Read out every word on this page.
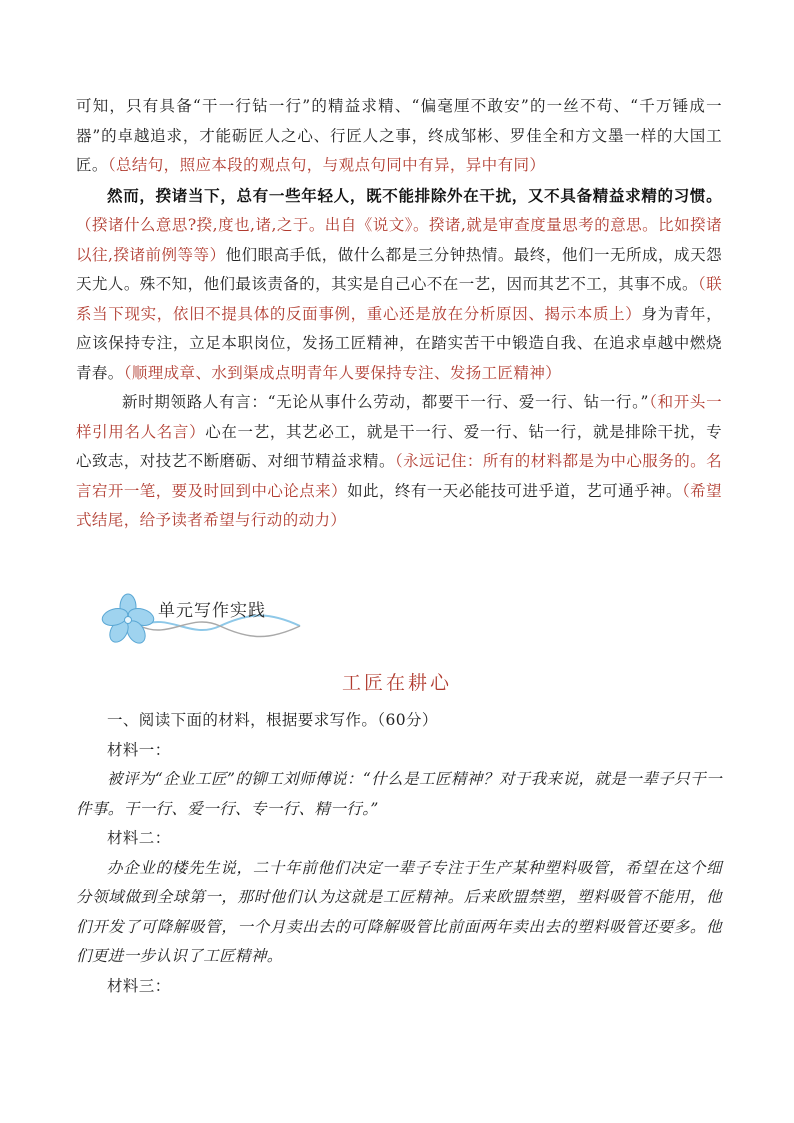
可知，只有具备“干一行钻一行”的精益求精、“偏毫厘不敢安”的一丝不苟、“千万锤成一器”的卓越追求，才能砺匠人之心、行匠人之事，终成邹彬、罗佳全和方文墨一样的大国工匠。（总结句，照应本段的观点句，与观点句同中有异，异中有同）

然而，揆诸当下，总有一些年轻人，既不能排除外在干扰，又不具备精益求精的习惯。（揆诸什么意思?揆,度也,诸,之于。出自《说文》。揆诸,就是审查度量思考的意思。比如揆诸以往,揆诸前例等等）他们眼高手低，做什么都是三分钟热情。最终，他们一无所成，成天怨天尤人。殊不知，他们最该责备的，其实是自己心不在一艺，因而其艺不工，其事不成。（联系当下现实，依旧不提具体的反面事例，重心还是放在分析原因、揭示本质上）身为青年，应该保持专注，立足本职岗位，发扬工匠精神，在踏实苦干中锻造自我、在追求卓越中燃烧青春。（顺理成章、水到渠成点明青年人要保持专注、发扬工匠精神）

新时期领路人有言：“无论从事什么劳动，都要干一行、爱一行、钻一行。”（和开头一样引用名人名言）心在一艺，其艺必工，就是干一行、爱一行、钻一行，就是排除干扰，专心致志，对技艺不断磨砺、对细节精益求精。（永远记住：所有的材料都是为中心服务的。名言宕开一笔，要及时回到中心论点来）如此，终有一天必能技可进乎道，艺可通乎神。（希望式结尾，给予读者希望与行动的动力）

单元写作实践
工匠在耕心

一、阅读下面的材料，根据要求写作。（60分）

材料一：

被评为“企业工匠”的铆工刘师傅说：“什么是工匠精神？对于我来说，就是一辈子只干一件事。干一行、爱一行、专一行、精一行。”

材料二：

办企业的楼先生说，二十年前他们决定一辈子专注于生产某种塑料吸管，希望在这个细分领域做到全球第一，那时他们认为这就是工匠精神。后来欧盟禁塑，塑料吸管不能用，他们开发了可降解吸管，一个月卖出去的可降解吸管比前面两年卖出去的塑料吸管还要多。他们更进一步认识了工匠精神。

材料三：
